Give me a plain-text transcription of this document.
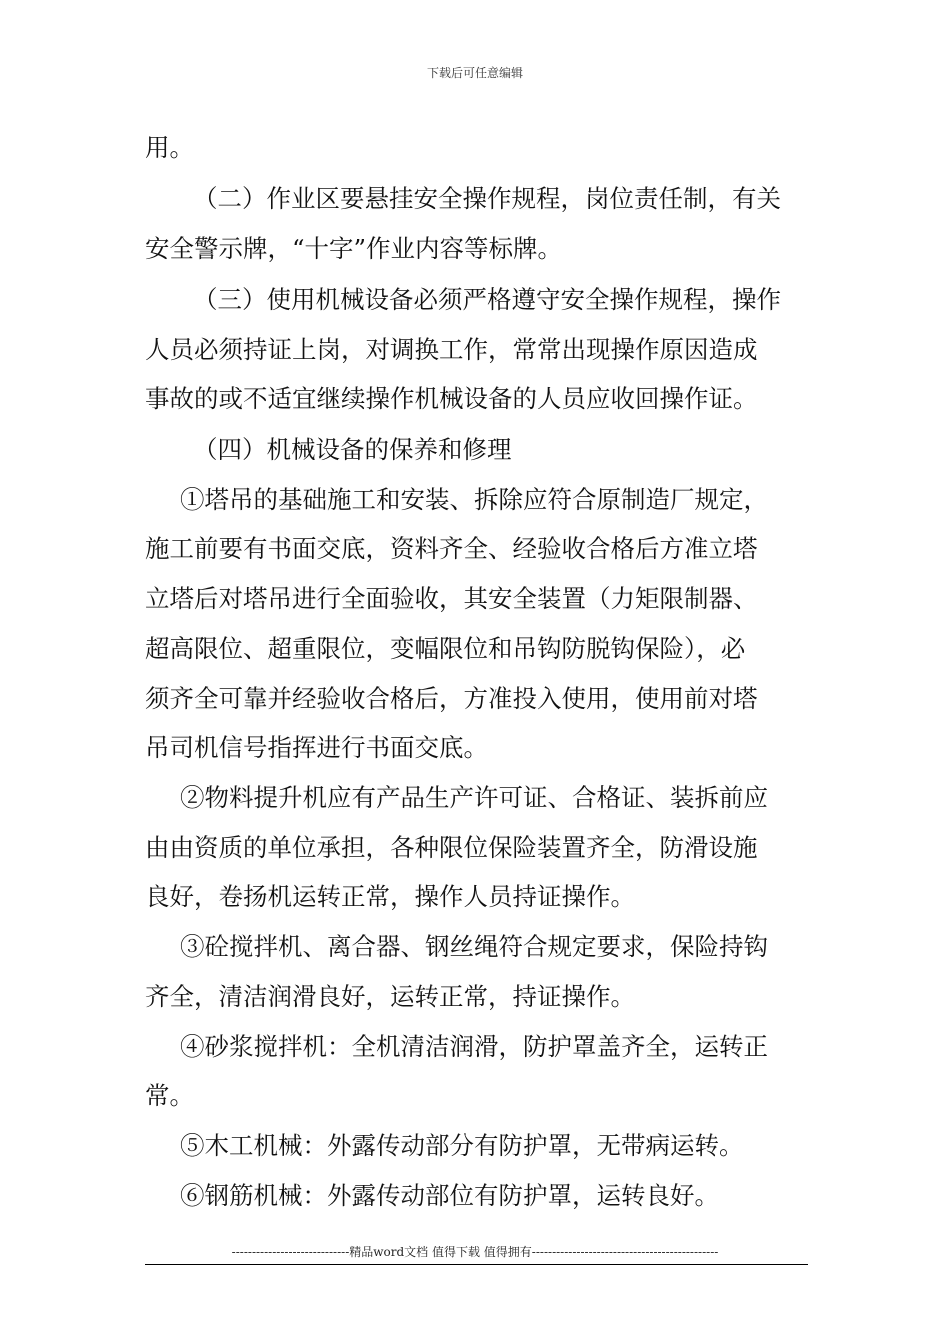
下载后可任意编辑
用。
（二）作业区要悬挂安全操作规程，岗位责任制，有关
安全警示牌，“十字”作业内容等标牌。
（三）使用机械设备必须严格遵守安全操作规程，操作
人员必须持证上岗，对调换工作，常常出现操作原因造成
事故的或不适宜继续操作机械设备的人员应收回操作证。
（四）机械设备的保养和修理
①塔吊的基础施工和安装、拆除应符合原制造厂规定，
施工前要有书面交底，资料齐全、经验收合格后方准立塔
立塔后对塔吊进行全面验收，其安全装置（力矩限制器、
超高限位、超重限位，变幅限位和吊钩防脱钩保险），必
须齐全可靠并经验收合格后，方准投入使用，使用前对塔
吊司机信号指挥进行书面交底。
②物料提升机应有产品生产许可证、合格证、装拆前应
由由资质的单位承担，各种限位保险装置齐全，防滑设施
良好，卷扬机运转正常，操作人员持证操作。
③砼搅拌机、离合器、钢丝绳符合规定要求，保险持钩
齐全，清洁润滑良好，运转正常，持证操作。
④砂浆搅拌机：全机清洁润滑，防护罩盖齐全，运转正
常。
⑤木工机械：外露传动部分有防护罩，无带病运转。
⑥钢筋机械：外露传动部位有防护罩，运转良好。
-----------------------------精品word文档 值得下载 值得拥有----------------------------------------------
